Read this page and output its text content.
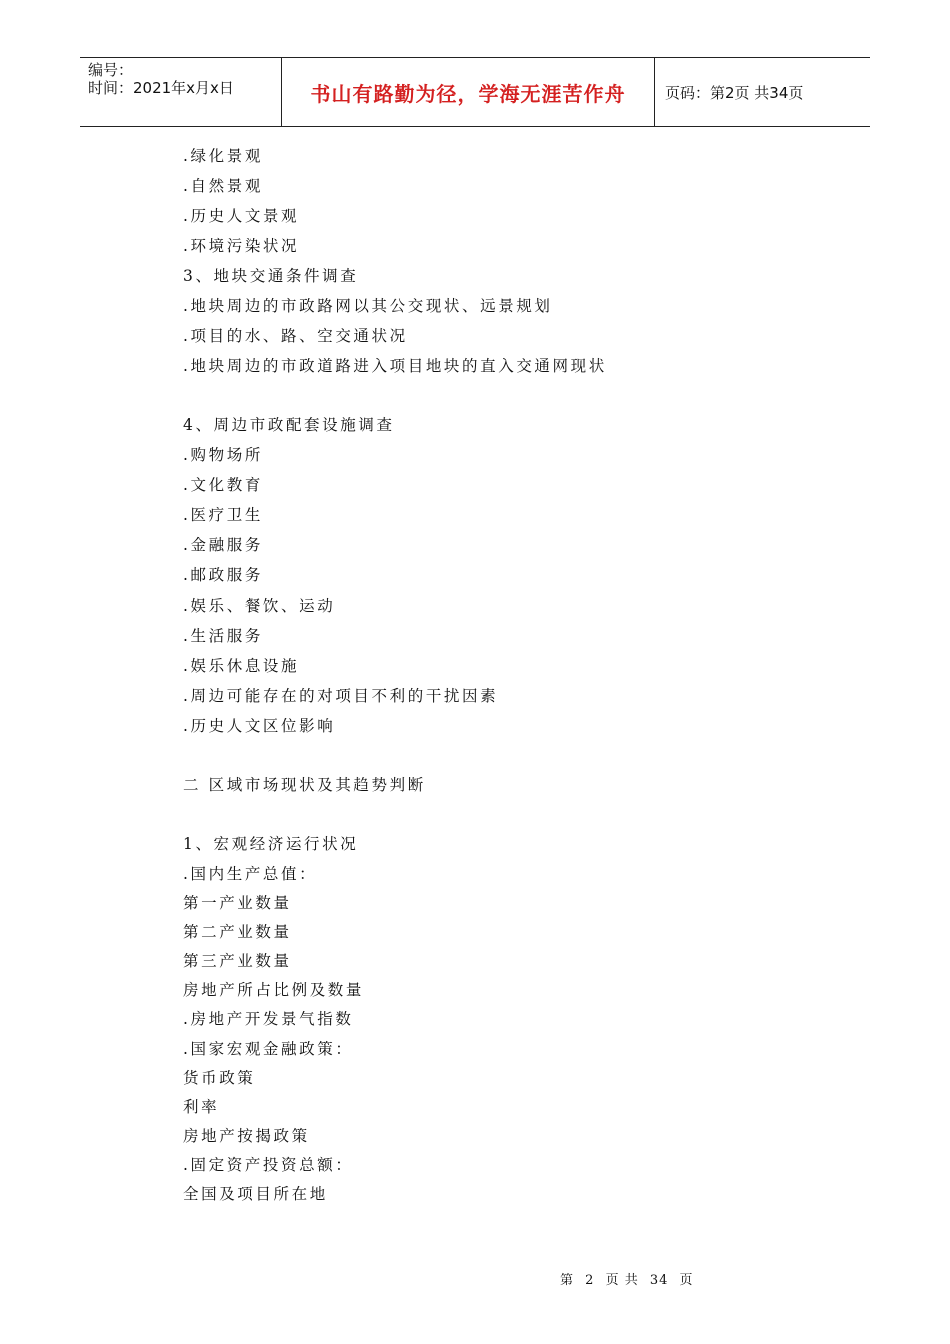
编号：
时间：2021年x月x日	书山有路勤为径，学海无涯苦作舟	页码：第2页 共34页
.绿化景观
.自然景观
.历史人文景观
.环境污染状况
3、地块交通条件调查
.地块周边的市政路网以其公交现状、远景规划
.项目的水、路、空交通状况
.地块周边的市政道路进入项目地块的直入交通网现状
4、周边市政配套设施调查
.购物场所
.文化教育
.医疗卫生
.金融服务
.邮政服务
.娱乐、餐饮、运动
.生活服务
.娱乐休息设施
.周边可能存在的对项目不利的干扰因素
.历史人文区位影响
二 区域市场现状及其趋势判断
1、宏观经济运行状况
.国内生产总值：
第一产业数量
第二产业数量
第三产业数量
房地产所占比例及数量
.房地产开发景气指数
.国家宏观金融政策：
货币政策
利率
房地产按揭政策
.固定资产投资总额：
全国及项目所在地
第 2 页 共 34 页
